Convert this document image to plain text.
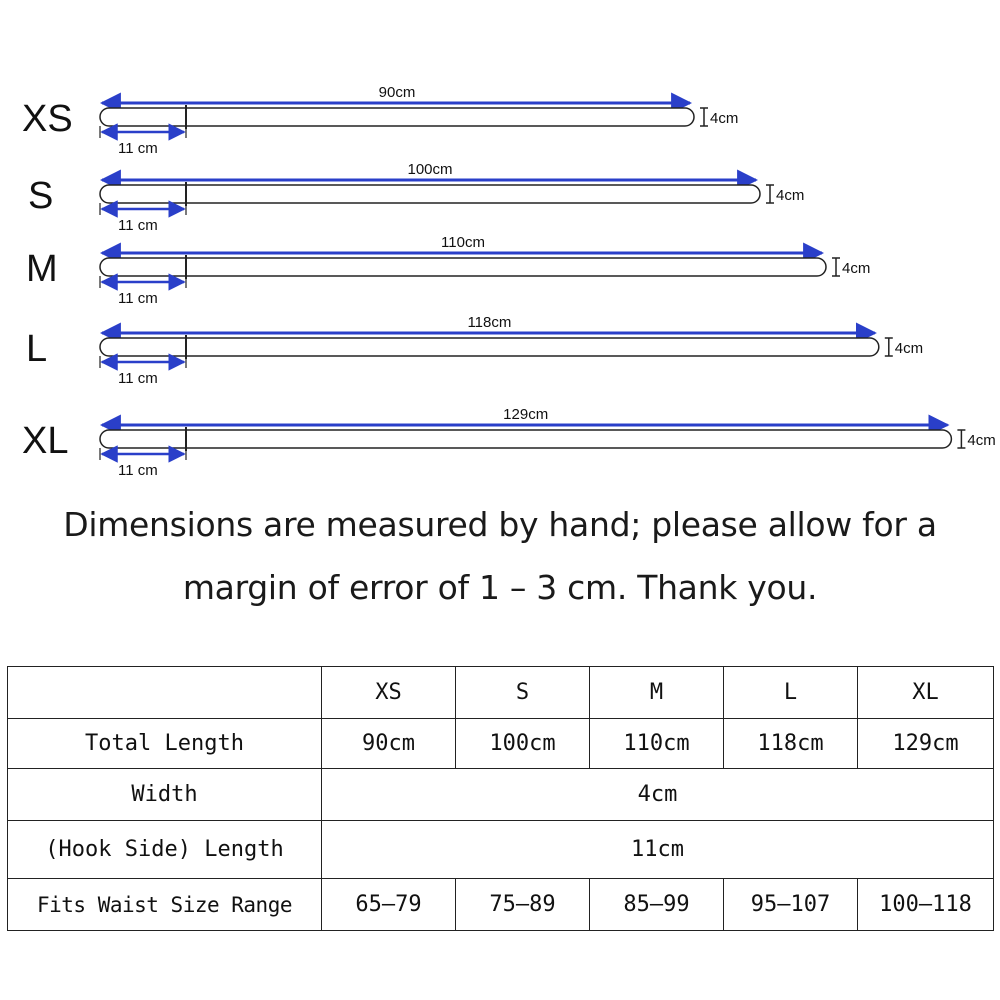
XS
90cm
11 cm
4cm
S
100cm
11 cm
4cm
M
110cm
11 cm
4cm
L
118cm
11 cm
4cm
XL
129cm
11 cm
4cm
Dimensions are measured by hand; please allow for a
margin of error of 1 – 3 cm. Thank you.
	XS	S	M	L	XL
Total Length	90cm	100cm	110cm	118cm	129cm
Width	4cm				
(Hook Side) Length	11cm				
Fits Waist Size Range	65–79	75–89	85–99	95–107	100–118
